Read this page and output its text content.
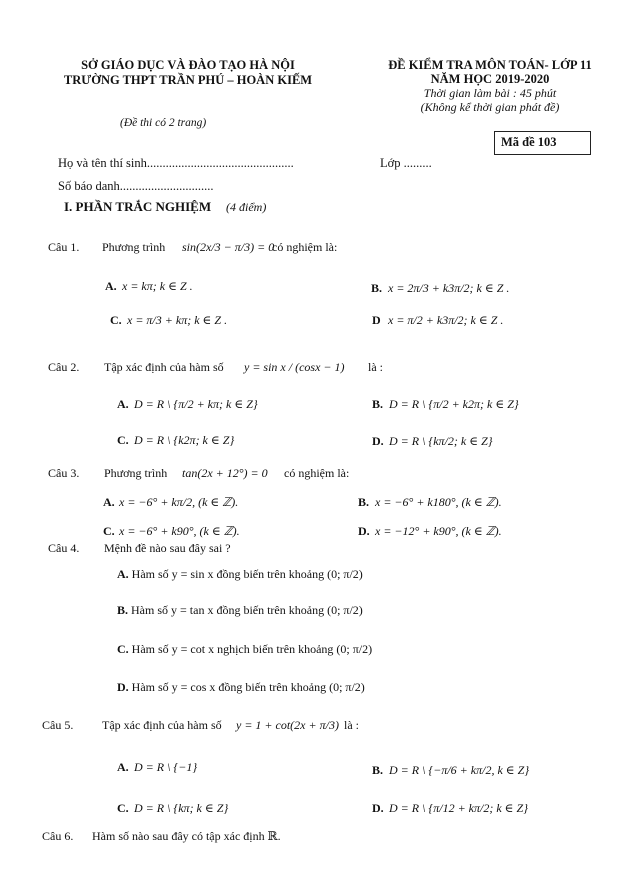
SỞ GIÁO DỤC VÀ ĐÀO TẠO HÀ NỘI
TRƯỜNG THPT TRẦN PHÚ – HOÀN KIẾM
(Đề thi có 2 trang)
ĐỀ KIỂM TRA MÔN TOÁN- LỚP 11
NĂM HỌC 2019-2020
Thời gian làm bài : 45 phút
(Không kể thời gian phát đề)
Mã đề 103
Họ và tên thí sinh...............................................	Lớp .........
Số báo danh..............................
I. PHẦN TRẮC NGHIỆM (4 điểm)
Câu 1. Phương trình sin(2x/3 − π/3) = 0
có nghiệm là:
A. x = kπ; k ∈ Z .	B. x = 2π/3 + k3π/2; k ∈ Z .
C. x = π/3 + kπ; k ∈ Z .	D x = π/2 + k3π/2; k ∈ Z .
Câu 2. Tập xác định của hàm số y = sin x / (cosx − 1) là :
A. D = R \ {π/2 + kπ; k ∈ Z}	B. D = R \ {π/2 + k2π; k ∈ Z}
C. D = R \ {k2π; k ∈ Z}	D. D = R \ {kπ/2; k ∈ Z}
Câu 3. Phương trình tan(2x + 12°) = 0 có nghiệm là:
A. x = −6° + kπ/2, (k ∈ ℤ).	B. x = −6° + k180°, (k ∈ ℤ).
C. x = −6° + k90°, (k ∈ ℤ).	D. x = −12° + k90°, (k ∈ ℤ).
Câu 4. Mệnh đề nào sau đây sai ?
A. Hàm số y = sin x đồng biến trên khoảng (0; π/2)
B. Hàm số y = tan x đồng biến trên khoảng (0; π/2)
C. Hàm số y = cot x nghịch biến trên khoảng (0; π/2)
D. Hàm số y = cos x đồng biến trên khoảng (0; π/2)
Câu 5. Tập xác định của hàm số y = 1 + cot(2x + π/3) là :
A. D = R \ {−1}	B. D = R \ {−π/6 + kπ/2, k ∈ Z}
C. D = R \ {kπ; k ∈ Z}	D. D = R \ {π/12 + kπ/2; k ∈ Z}
Câu 6. Hàm số nào sau đây có tập xác định ℝ.
